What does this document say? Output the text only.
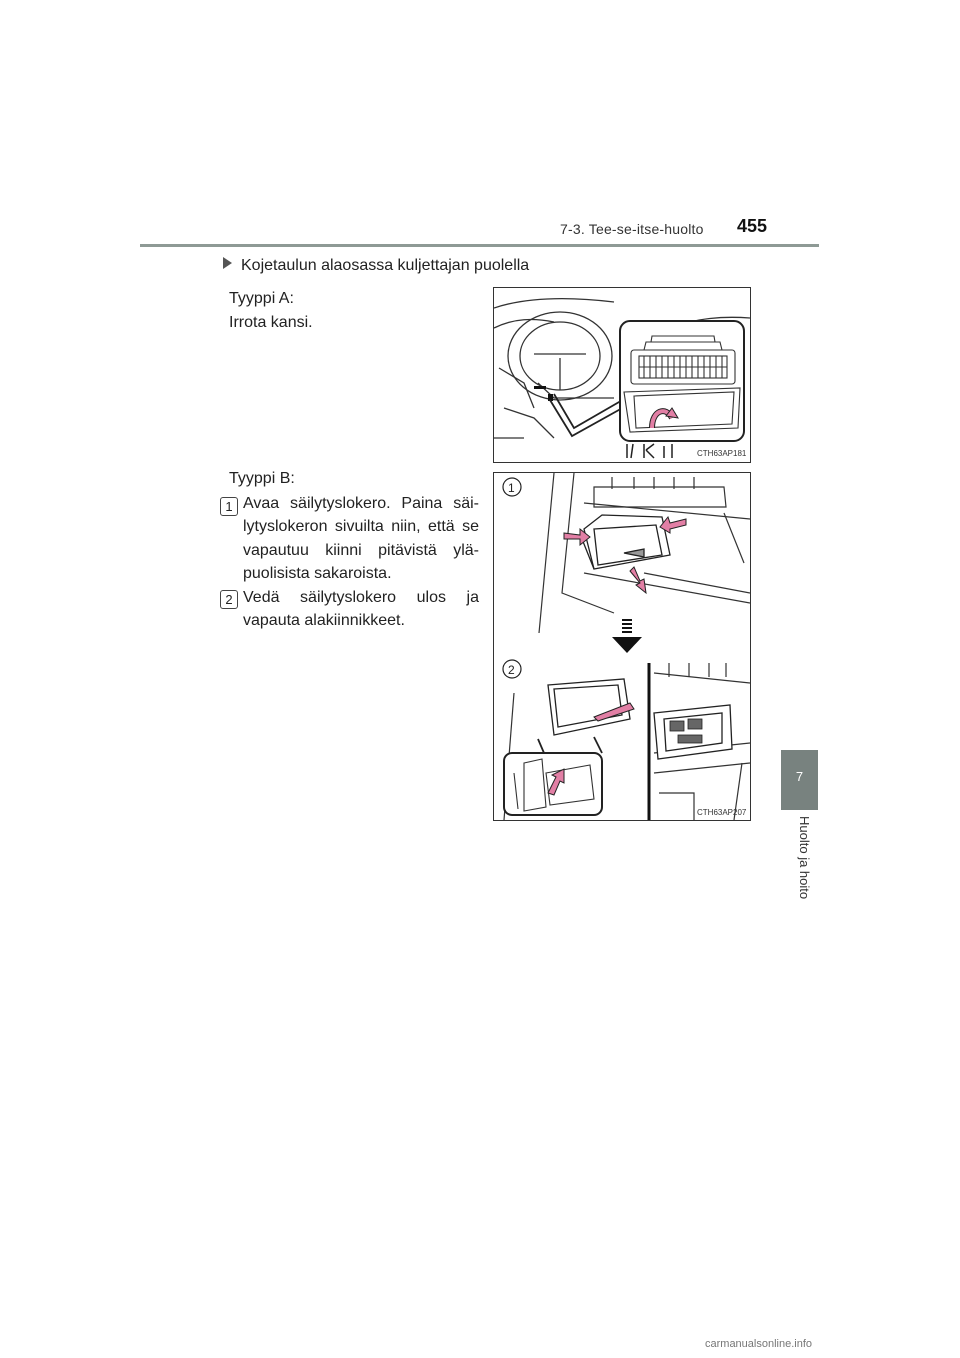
7-3. Tee-se-itse-huolto 455
7
Huolto ja hoito
Kojetaulun alaosassa kuljettajan puolella
Tyyppi A:
Irrota kansi.
Tyyppi B:
1 Avaa säilytyslokero. Paina säi-lytyslokeron sivuilta niin, että se vapautuu kiinni pitävistä ylä-puolisista sakaroista.
2 Vedä säilytyslokero ulos ja vapauta alakiinnikkeet.
CTH63AP181
1
2
CTH63AP207
carmanualsonline.info
